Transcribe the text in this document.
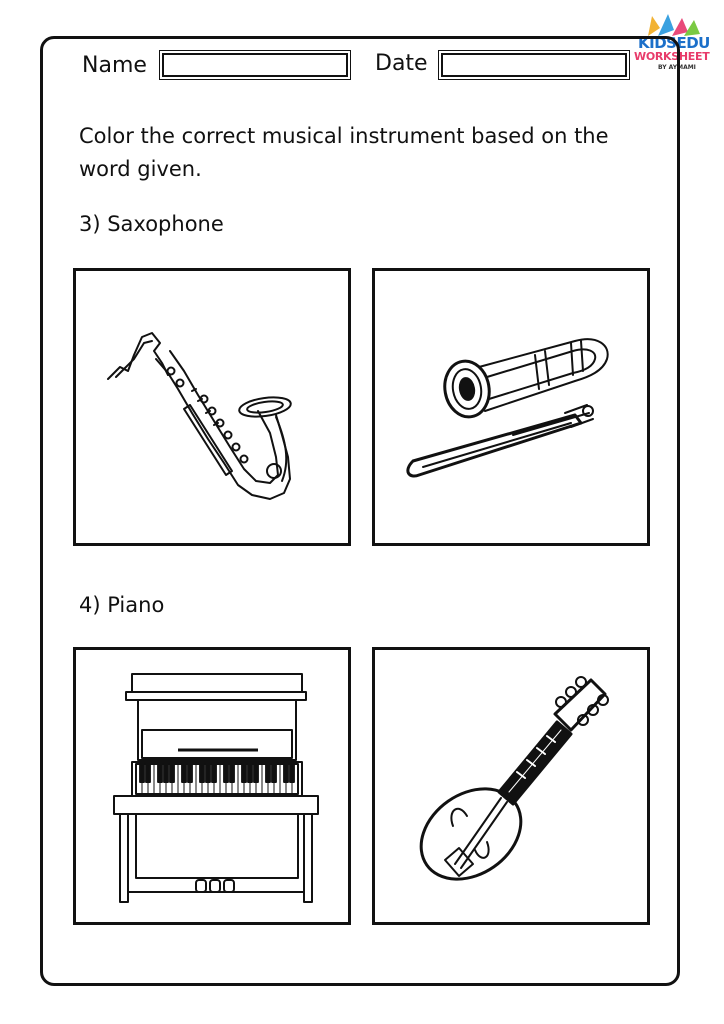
KIDSEDU
WORKSHEET
BY AYMAMI
Name	Date
Color the correct musical instrument based on the word given.
3) Saxophone
4) Piano
